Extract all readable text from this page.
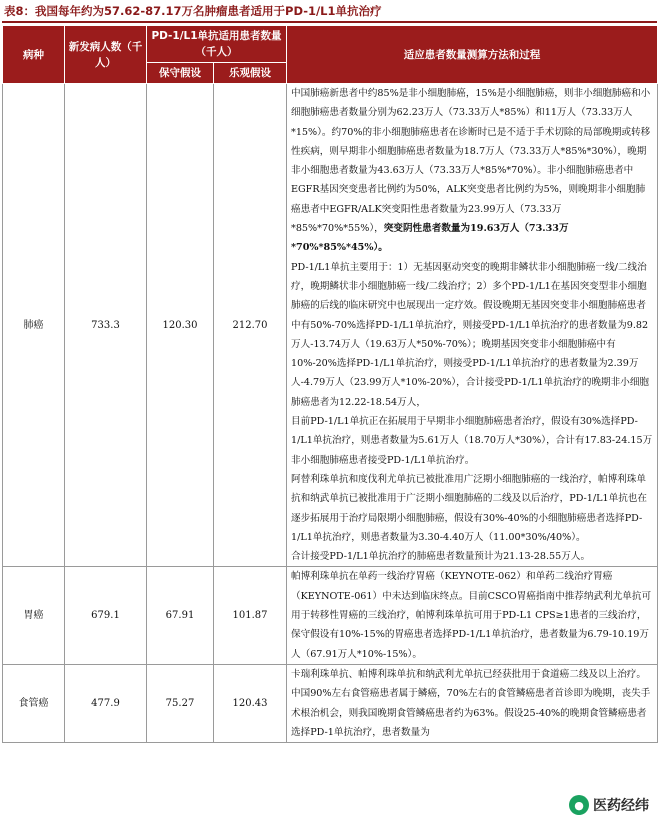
表8：我国每年约为57.62-87.17万名肿瘤患者适用于PD-1/L1单抗治疗
病种	新发病人数（千人）	PD-1/L1单抗适用患者数量（千人）		适应患者数量测算方法和过程
		保守假设	乐观假设	
肺癌	733.3	120.30	212.70	中国肺癌新患者中约85%是非小细胞肺癌，15%是小细胞肺癌，则非小细胞肺癌和小细胞肺癌患者数量分别为62.23万人（73.33万人*85%）和11万人（73.33万人*15%）。约70%的非小细胞肺癌患者在诊断时已是不适于手术切除的局部晚期或转移性疾病，则早期非小细胞肺癌患者数量为18.7万人（73.33万人*85%*30%），晚期非小细胞患者数量为43.63万人（73.33万人*85%*70%）。非小细胞肺癌患者中EGFR基因突变患者比例约为50%，ALK突变患者比例约为5%，则晚期非小细胞肺癌患者中EGFR/ALK突变阳性患者数量为23.99万人（73.33万*85%*70%*55%），突变阴性患者数量为19.63万人（73.33万*70%*85%*45%）。

PD-1/L1单抗主要用于：1）无基因驱动突变的晚期非鳞状非小细胞肺癌一线/二线治疗，晚期鳞状非小细胞肺癌一线/二线治疗；2）多个PD-1/L1在基因突变型非小细胞肺癌的后线的临床研究中也展现出一定疗效。假设晚期无基因突变非小细胞肺癌患者中有50%-70%选择PD-1/L1单抗治疗，则接受PD-1/L1单抗治疗的患者数量为9.82万人-13.74万人（19.63万人*50%-70%）；晚期基因突变非小细胞肺癌中有10%-20%选择PD-1/L1单抗治疗，则接受PD-1/L1单抗治疗的患者数量为2.39万人-4.79万人（23.99万人*10%-20%），合计接受PD-1/L1单抗治疗的晚期非小细胞肺癌患者为12.22-18.54万人，

目前PD-1/L1单抗正在拓展用于早期非小细胞肺癌患者治疗，假设有30%选择PD-1/L1单抗治疗，则患者数量为5.61万人（18.70万人*30%），合计有17.83-24.15万非小细胞肺癌患者接受PD-1/L1单抗治疗。

阿替利珠单抗和度伐利尤单抗已被批准用广泛期小细胞肺癌的一线治疗，帕博利珠单抗和纳武单抗已被批准用于广泛期小细胞肺癌的二线及以后治疗，PD-1/L1单抗也在逐步拓展用于治疗局限期小细胞肺癌，假设有30%-40%的小细胞肺癌患者选择PD-1/L1单抗治疗，则患者数量为3.30-4.40万人（11.00*30%/40%）。

合计接受PD-1/L1单抗治疗的肺癌患者数量预计为21.13-28.55万人。

胃癌	679.1	67.91	101.87	帕博利珠单抗在单药一线治疗胃癌（KEYNOTE-062）和单药二线治疗胃癌（KEYNOTE-061）中未达到临床终点。目前CSCO胃癌指南中推荐纳武利尤单抗可用于转移性胃癌的三线治疗，帕博利珠单抗可用于PD-L1 CPS≥1患者的三线治疗，保守假设有10%-15%的胃癌患者选择PD-1/L1单抗治疗，患者数量为6.79-10.19万人（67.91万人*10%-15%）。

食管癌	477.9	75.27	120.43	卡瑞利珠单抗、帕博利珠单抗和纳武利尤单抗已经获批用于食道癌二线及以上治疗。中国90%左右食管癌患者属于鳞癌，70%左右的食管鳞癌患者首诊即为晚期，丧失手术根治机会，则我国晚期食管鳞癌患者约为63%。假设25-40%的晚期食管鳞癌患者选择PD-1单抗治疗，患者数量为

● 医药经纬
